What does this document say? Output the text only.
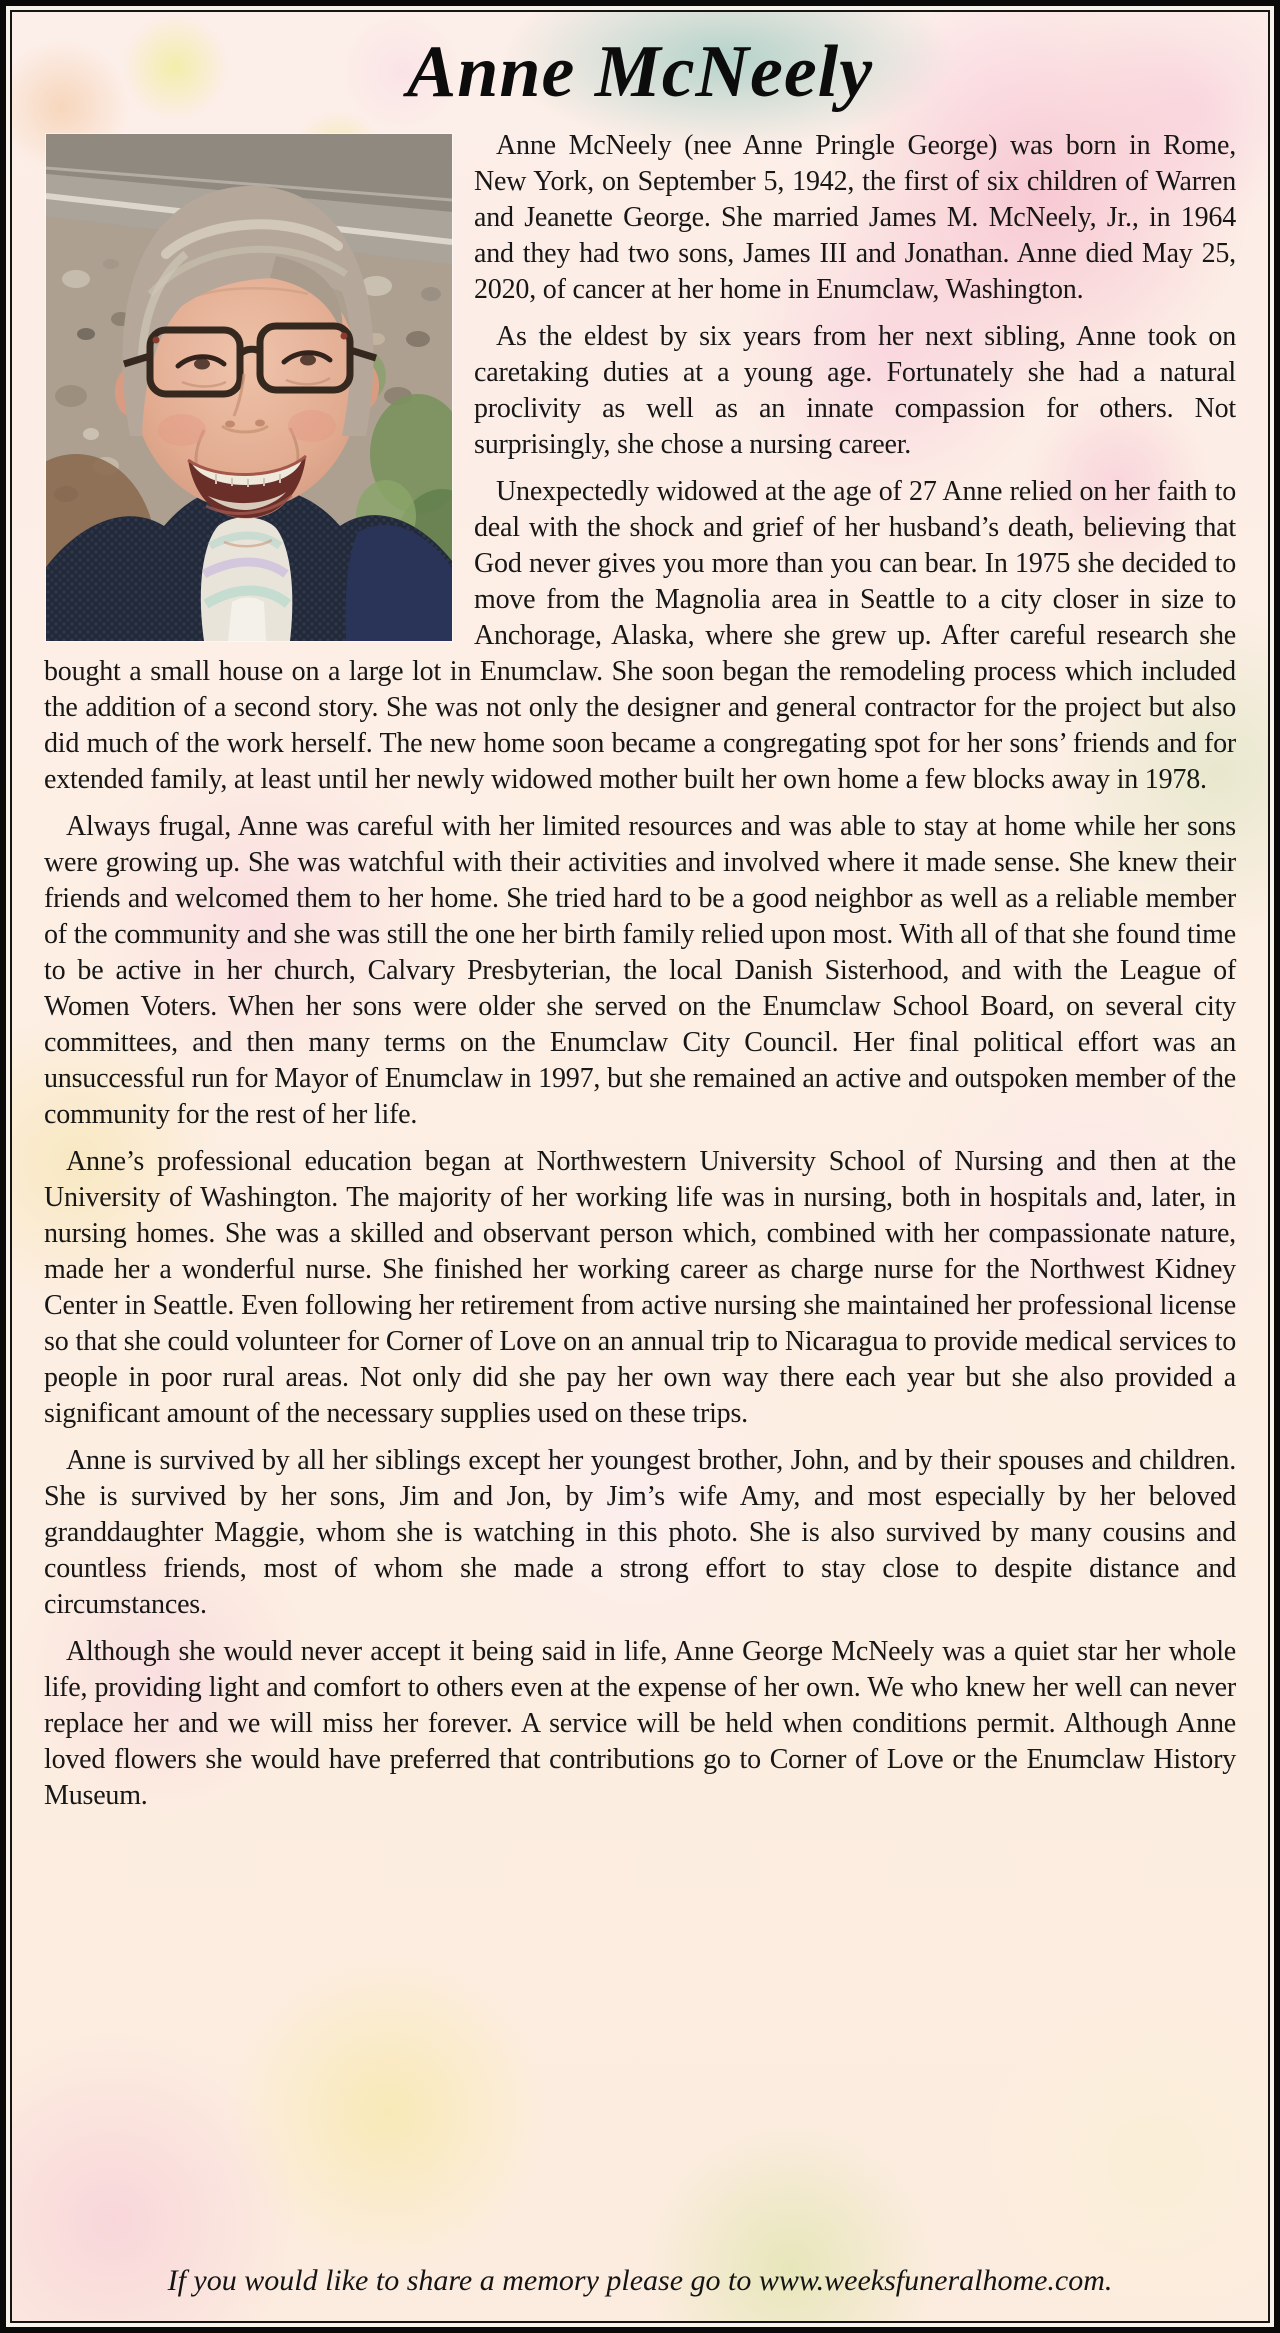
Anne McNeely

Anne McNeely (nee Anne Pringle George) was born in Rome, New York, on September 5, 1942, the first of six children of Warren and Jeanette George. She married James M. McNeely, Jr., in 1964 and they had two sons, James III and Jonathan. Anne died May 25, 2020, of cancer at her home in Enumclaw, Washington.

As the eldest by six years from her next sibling, Anne took on caretaking duties at a young age. Fortunately she had a natural proclivity as well as an innate compassion for others. Not surprisingly, she chose a nursing career.

Unexpectedly widowed at the age of 27 Anne relied on her faith to deal with the shock and grief of her husband’s death, believing that God never gives you more than you can bear. In 1975 she decided to move from the Magnolia area in Seattle to a city closer in size to Anchorage, Alaska, where she grew up. After careful research she bought a small house on a large lot in Enumclaw. She soon began the remodeling process which included the addition of a second story. She was not only the designer and general contractor for the project but also did much of the work herself. The new home soon became a congregating spot for her sons’ friends and for extended family, at least until her newly widowed mother built her own home a few blocks away in 1978.

Always frugal, Anne was careful with her limited resources and was able to stay at home while her sons were growing up. She was watchful with their activities and involved where it made sense. She knew their friends and welcomed them to her home. She tried hard to be a good neighbor as well as a reliable member of the community and she was still the one her birth family relied upon most. With all of that she found time to be active in her church, Calvary Presbyterian, the local Danish Sisterhood, and with the League of Women Voters. When her sons were older she served on the Enumclaw School Board, on several city committees, and then many terms on the Enumclaw City Council. Her final political effort was an unsuccessful run for Mayor of Enumclaw in 1997, but she remained an active and outspoken member of the community for the rest of her life.

Anne’s professional education began at Northwestern University School of Nursing and then at the University of Washington. The majority of her working life was in nursing, both in hospitals and, later, in nursing homes. She was a skilled and observant person which, combined with her compassionate nature, made her a wonderful nurse. She finished her working career as charge nurse for the Northwest Kidney Center in Seattle. Even following her retirement from active nursing she maintained her professional license so that she could volunteer for Corner of Love on an annual trip to Nicaragua to provide medical services to people in poor rural areas. Not only did she pay her own way there each year but she also provided a significant amount of the necessary supplies used on these trips.

Anne is survived by all her siblings except her youngest brother, John, and by their spouses and children. She is survived by her sons, Jim and Jon, by Jim’s wife Amy, and most especially by her beloved granddaughter Maggie, whom she is watching in this photo. She is also survived by many cousins and countless friends, most of whom she made a strong effort to stay close to despite distance and circumstances.

Although she would never accept it being said in life, Anne George McNeely was a quiet star her whole life, providing light and comfort to others even at the expense of her own. We who knew her well can never replace her and we will miss her forever. A service will be held when conditions permit. Although Anne loved flowers she would have preferred that contributions go to Corner of Love or the Enumclaw History Museum.

If you would like to share a memory please go to www.weeksfuneralhome.com.
